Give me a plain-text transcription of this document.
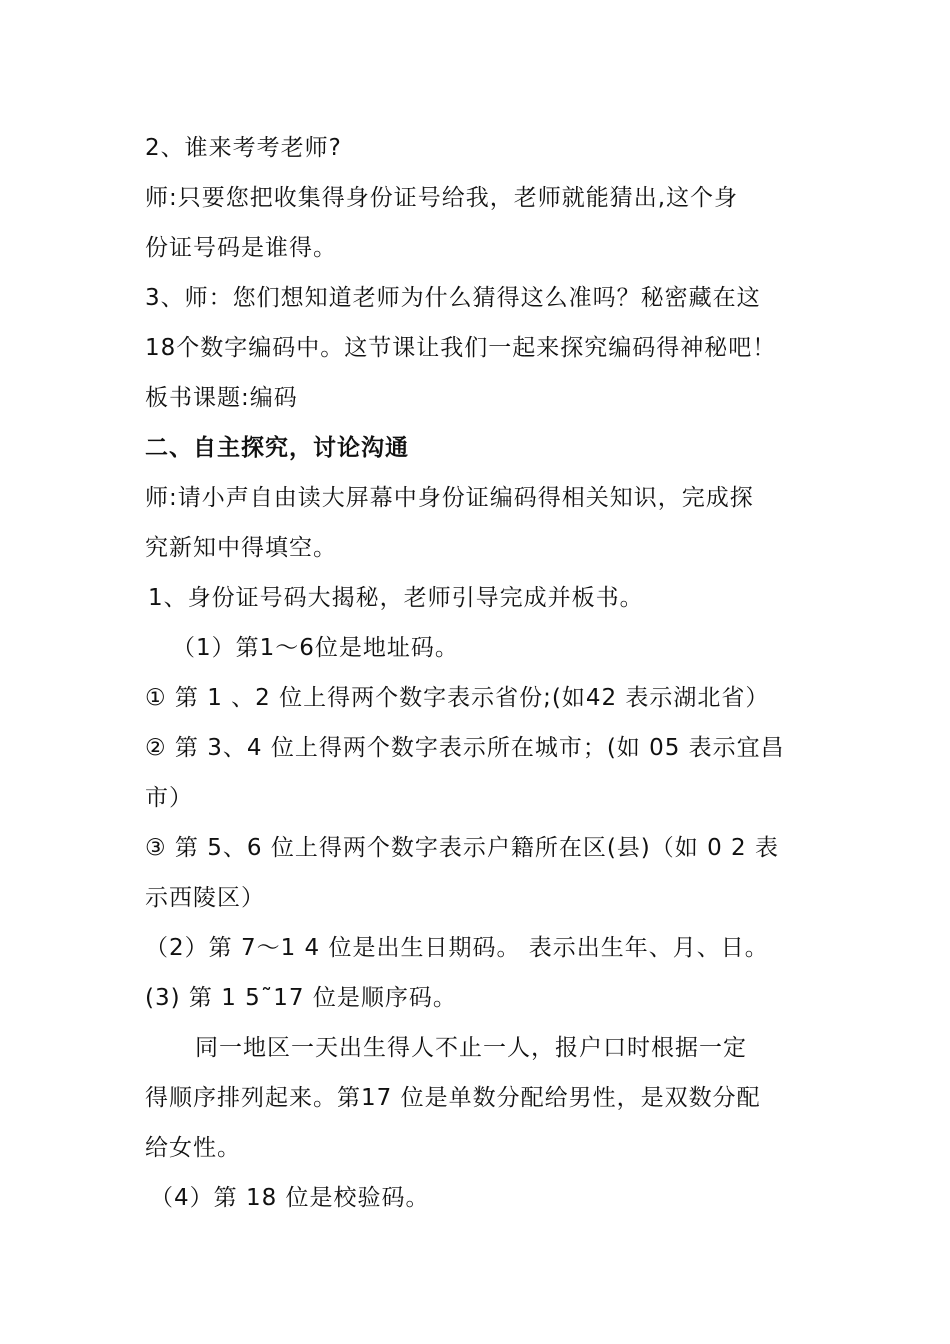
2、谁来考考老师?
师:只要您把收集得身份证号给我，老师就能猜出,这个身
份证号码是谁得。
3、师：您们想知道老师为什么猜得这么准吗？秘密藏在这
18个数字编码中。这节课让我们一起来探究编码得神秘吧！
板书课题:编码
二、自主探究，讨论沟通
师:请小声自由读大屏幕中身份证编码得相关知识，完成探
究新知中得填空。
1、身份证号码大揭秘，老师引导完成并板书。
（1）第1～6位是地址码。
① 第 1 、2 位上得两个数字表示省份;(如42 表示湖北省）
② 第 3、4 位上得两个数字表示所在城市；(如 05 表示宜昌
市）
③ 第 5、6 位上得两个数字表示户籍所在区(县)（如 0 2 表
示西陵区）
（2）第 7～1 4 位是出生日期码。 表示出生年、月、日。
(3) 第 1 5˜17 位是顺序码。
同一地区一天出生得人不止一人，报户口时根据一定
得顺序排列起来。第17 位是单数分配给男性，是双数分配
给女性。
（4）第 18 位是校验码。
